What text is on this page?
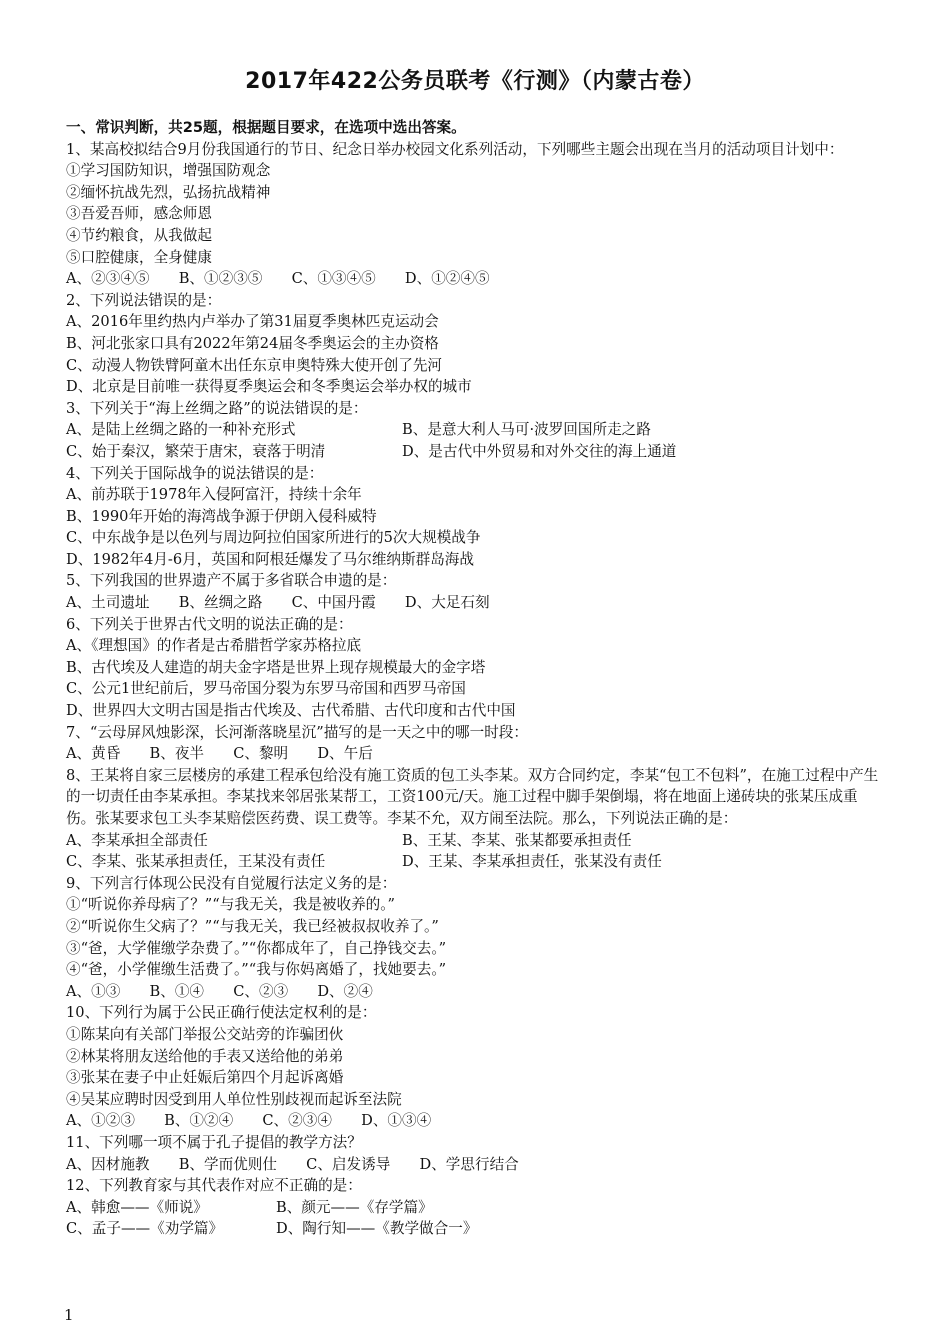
2017年422公务员联考《行测》（内蒙古卷）
一、常识判断，共25题，根据题目要求，在选项中选出答案。
1、某高校拟结合9月份我国通行的节日、纪念日举办校园文化系列活动，下列哪些主题会出现在当月的活动项目计划中：
①学习国防知识，增强国防观念
②缅怀抗战先烈，弘扬抗战精神
③吾爱吾师，感念师恩
④节约粮食，从我做起
⑤口腔健康，全身健康
A、②③④⑤　　B、①②③⑤　　C、①③④⑤　　D、①②④⑤
2、下列说法错误的是：
A、2016年里约热内卢举办了第31届夏季奥林匹克运动会
B、河北张家口具有2022年第24届冬季奥运会的主办资格
C、动漫人物铁臂阿童木出任东京申奥特殊大使开创了先河
D、北京是目前唯一获得夏季奥运会和冬季奥运会举办权的城市
3、下列关于“海上丝绸之路”的说法错误的是：
A、是陆上丝绸之路的一种补充形式	B、是意大利人马可·波罗回国所走之路
C、始于秦汉，繁荣于唐宋，衰落于明清	D、是古代中外贸易和对外交往的海上通道
4、下列关于国际战争的说法错误的是：
A、前苏联于1978年入侵阿富汗，持续十余年
B、1990年开始的海湾战争源于伊朗入侵科威特
C、中东战争是以色列与周边阿拉伯国家所进行的5次大规模战争
D、1982年4月-6月，英国和阿根廷爆发了马尔维纳斯群岛海战
5、下列我国的世界遗产不属于多省联合申遗的是：
A、土司遗址　　B、丝绸之路　　C、中国丹霞　　D、大足石刻
6、下列关于世界古代文明的说法正确的是：
A、《理想国》的作者是古希腊哲学家苏格拉底
B、古代埃及人建造的胡夫金字塔是世界上现存规模最大的金字塔
C、公元1世纪前后，罗马帝国分裂为东罗马帝国和西罗马帝国
D、世界四大文明古国是指古代埃及、古代希腊、古代印度和古代中国
7、“云母屏风烛影深，长河渐落晓星沉”描写的是一天之中的哪一时段：
A、黄昏　　B、夜半　　C、黎明　　D、午后
8、王某将自家三层楼房的承建工程承包给没有施工资质的包工头李某。双方合同约定，李某“包工不包料”，在施工过程中产生的一切责任由李某承担。李某找来邻居张某帮工，工资100元/天。施工过程中脚手架倒塌，将在地面上递砖块的张某压成重伤。张某要求包工头李某赔偿医药费、误工费等。李某不允，双方闹至法院。那么，下列说法正确的是：
A、李某承担全部责任	B、王某、李某、张某都要承担责任
C、李某、张某承担责任，王某没有责任	D、王某、李某承担责任，张某没有责任
9、下列言行体现公民没有自觉履行法定义务的是：
①“听说你养母病了？”“与我无关，我是被收养的。”
②“听说你生父病了？”“与我无关，我已经被叔叔收养了。”
③“爸，大学催缴学杂费了。”“你都成年了，自己挣钱交去。”
④“爸，小学催缴生活费了。”“我与你妈离婚了，找她要去。”
A、①③　　B、①④　　C、②③　　D、②④
10、下列行为属于公民正确行使法定权利的是：
①陈某向有关部门举报公交站旁的诈骗团伙
②林某将朋友送给他的手表又送给他的弟弟
③张某在妻子中止妊娠后第四个月起诉离婚
④吴某应聘时因受到用人单位性别歧视而起诉至法院
A、①②③　　B、①②④　　C、②③④　　D、①③④
11、下列哪一项不属于孔子提倡的教学方法？
A、因材施教　　B、学而优则仕　　C、启发诱导　　D、学思行结合
12、下列教育家与其代表作对应不正确的是：
A、韩愈——《师说》	B、颜元——《存学篇》
C、孟子——《劝学篇》	D、陶行知——《教学做合一》
1
